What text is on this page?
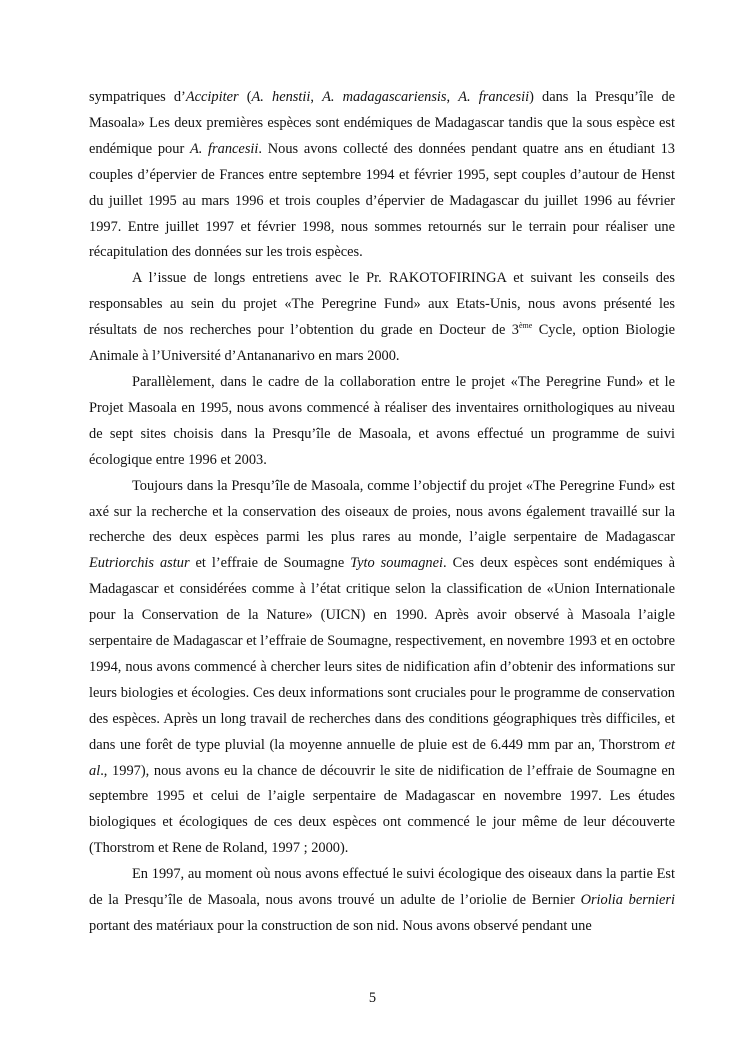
sympatriques d’Accipiter (A. henstii, A. madagascariensis, A. francesii) dans la Presqu’île de Masoala» Les deux premières espèces sont endémiques de Madagascar tandis que la sous espèce est endémique pour A. francesii. Nous avons collecté des données pendant quatre ans en étudiant 13 couples d’épervier de Frances entre septembre 1994 et février 1995, sept couples d’autour de Henst du juillet 1995 au mars 1996 et trois couples d’épervier de Madagascar du juillet 1996 au février 1997. Entre juillet 1997 et février 1998, nous sommes retournés sur le terrain pour réaliser une récapitulation des données sur les trois espèces.

A l’issue de longs entretiens avec le Pr. RAKOTOFIRINGA et suivant les conseils des responsables au sein du projet «The Peregrine Fund» aux Etats-Unis, nous avons présenté les résultats de nos recherches pour l’obtention du grade en Docteur de 3ème Cycle, option Biologie Animale à l’Université d’Antananarivo en mars 2000.

Parallèlement, dans le cadre de la collaboration entre le projet «The Peregrine Fund» et le Projet Masoala en 1995, nous avons commencé à réaliser des inventaires ornithologiques au niveau de sept sites choisis dans la Presqu’île de Masoala, et avons effectué un programme de suivi écologique entre 1996 et 2003.

Toujours dans la Presqu’île de Masoala, comme l’objectif du projet «The Peregrine Fund» est axé sur la recherche et la conservation des oiseaux de proies, nous avons également travaillé sur la recherche des deux espèces parmi les plus rares au monde, l’aigle serpentaire de Madagascar Eutriorchis astur et l’effraie de Soumagne Tyto soumagnei. Ces deux espèces sont endémiques à Madagascar et considérées comme à l’état critique selon la classification de «Union Internationale pour la Conservation de la Nature» (UICN) en 1990. Après avoir observé à Masoala l’aigle serpentaire de Madagascar et l’effraie de Soumagne, respectivement, en novembre 1993 et en octobre 1994, nous avons commencé à chercher leurs sites de nidification afin d’obtenir des informations sur leurs biologies et écologies. Ces deux informations sont cruciales pour le programme de conservation des espèces. Après un long travail de recherches dans des conditions géographiques très difficiles, et dans une forêt de type pluvial (la moyenne annuelle de pluie est de 6.449 mm par an, Thorstrom et al., 1997), nous avons eu la chance de découvrir le site de nidification de l’effraie de Soumagne en septembre 1995 et celui de l’aigle serpentaire de Madagascar en novembre 1997. Les études biologiques et écologiques de ces deux espèces ont commencé le jour même de leur découverte (Thorstrom et Rene de Roland, 1997 ; 2000).

En 1997, au moment où nous avons effectué le suivi écologique des oiseaux dans la partie Est de la Presqu’île de Masoala, nous avons trouvé un adulte de l’oriolie de Bernier Oriolia bernieri portant des matériaux pour la construction de son nid. Nous avons observé pendant une

5
